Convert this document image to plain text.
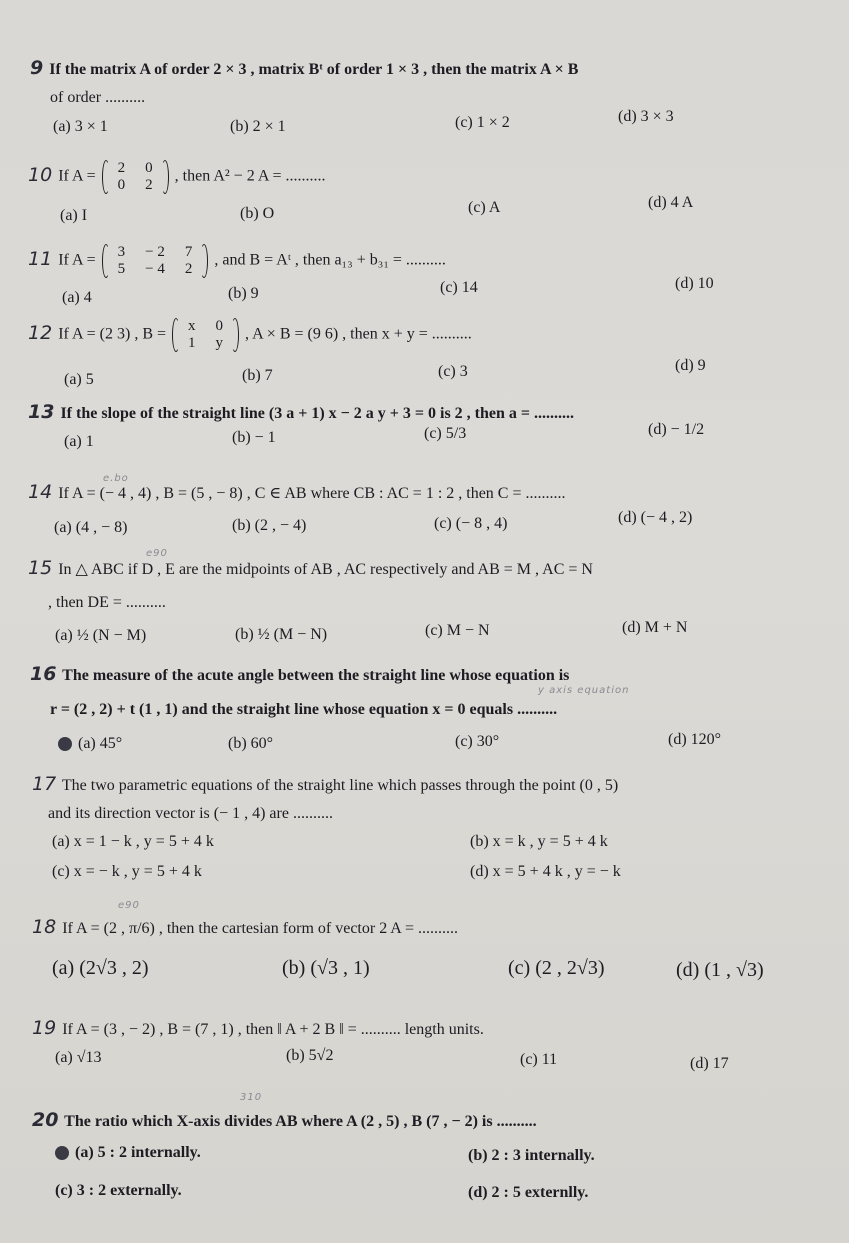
9 If the matrix A of order 2 × 3 , matrix Bᵗ of order 1 × 3 , then the matrix A × B
of order ..........
(a) 3 × 1	(b) 2 × 1	(c) 1 × 2	(d) 3 × 3
10 If A = 2	0
0	2
, then A² − 2 A = ..........
(a) I	(b) O	(c) A	(d) 4 A
11 If A = 3	− 2	7
5	− 4	2
, and B = Aᵗ , then a₁₃ + b₃₁ = ..........
(a) 4	(b) 9	(c) 14	(d) 10
12 If A = (2 3) , B = x	0
1	y
, A × B = (9 6) , then x + y = ..........
(a) 5	(b) 7	(c) 3	(d) 9
13 If the slope of the straight line (3 a + 1) x − 2 a y + 3 = 0 is 2 , then a = ..........
(a) 1	(b) − 1	(c) 5/3	(d) − 1/2
e.bo
14 If A = (− 4 , 4) , B = (5 , − 8) , C ∈ AB where CB : AC = 1 : 2 , then C = ..........
(a) (4 , − 8)	(b) (2 , − 4)	(c) (− 8 , 4)	(d) (− 4 , 2)
e90
15 In △ ABC if D , E are the midpoints of AB , AC respectively and AB = M , AC = N
, then DE = ..........
(a) ½ (N − M)	(b) ½ (M − N)	(c) M − N	(d) M + N
16 The measure of the acute angle between the straight line whose equation is
y axis equation
r = (2 , 2) + t (1 , 1) and the straight line whose equation x = 0 equals ..........
(a) 45°	(b) 60°	(c) 30°	(d) 120°
17 The two parametric equations of the straight line which passes through the point (0 , 5)
and its direction vector is (− 1 , 4) are ..........
(a) x = 1 − k , y = 5 + 4 k	(b) x = k , y = 5 + 4 k
(c) x = − k , y = 5 + 4 k	(d) x = 5 + 4 k , y = − k
e90
18 If A = (2 , π/6) , then the cartesian form of vector 2 A = ..........
(a) (2√3 , 2)	(b) (√3 , 1)	(c) (2 , 2√3)	(d) (1 , √3)
19 If A = (3 , − 2) , B = (7 , 1) , then ‖ A + 2 B ‖ = .......... length units.
(a) √13	(b) 5√2	(c) 11	(d) 17
310
20 The ratio which X-axis divides AB where A (2 , 5) , B (7 , − 2) is ..........
(a) 5 : 2 internally.	(b) 2 : 3 internally.
(c) 3 : 2 externally.	(d) 2 : 5 externlly.
